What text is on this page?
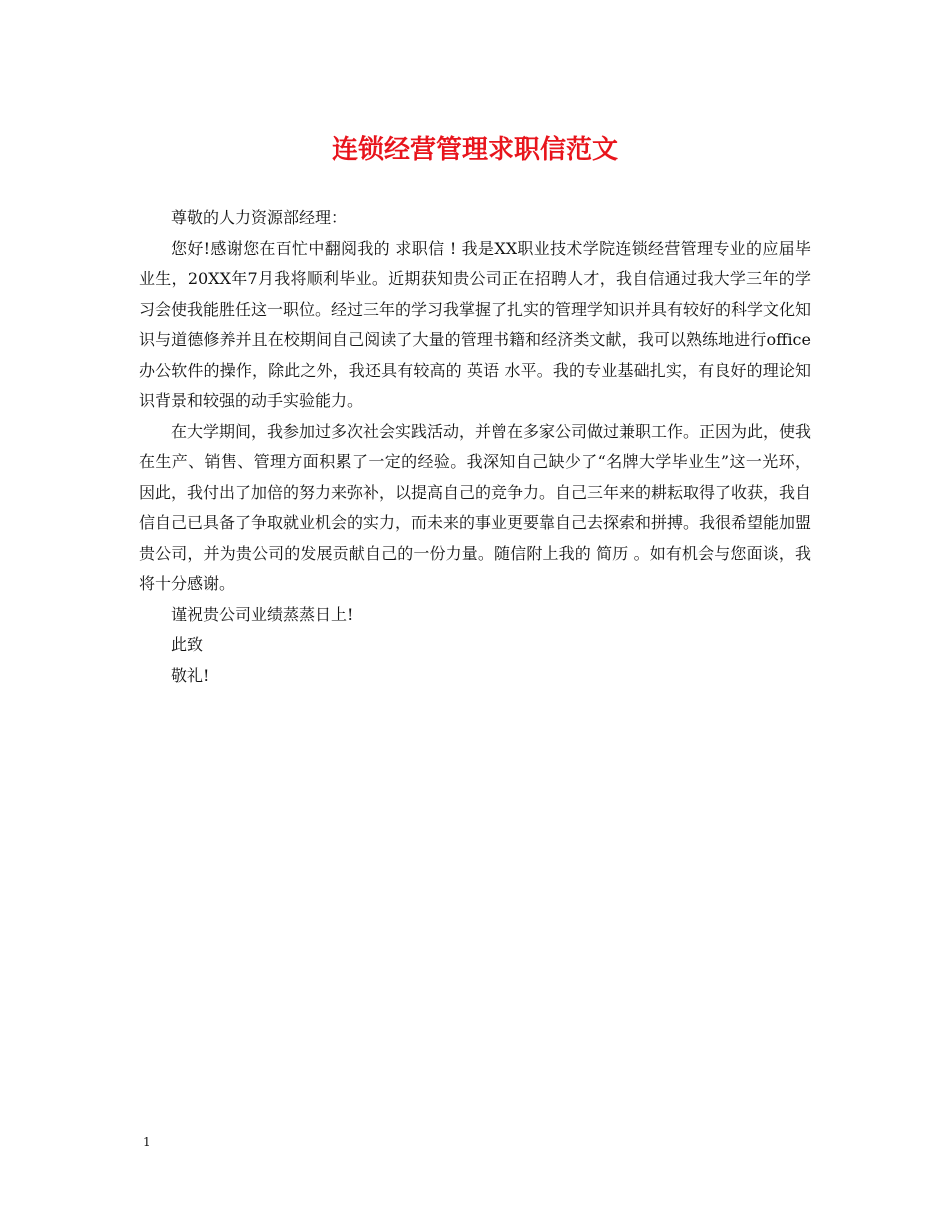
连锁经营管理求职信范文

尊敬的人力资源部经理：

您好!感谢您在百忙中翻阅我的 求职信 ! 我是XX职业技术学院连锁经营管理专业的应届毕业生，20XX年7月我将顺利毕业。近期获知贵公司正在招聘人才，我自信通过我大学三年的学习会使我能胜任这一职位。经过三年的学习我掌握了扎实的管理学知识并具有较好的科学文化知识与道德修养并且在校期间自己阅读了大量的管理书籍和经济类文献，我可以熟练地进行office办公软件的操作，除此之外，我还具有较高的 英语 水平。我的专业基础扎实，有良好的理论知识背景和较强的动手实验能力。

在大学期间，我参加过多次社会实践活动，并曾在多家公司做过兼职工作。正因为此，使我在生产、销售、管理方面积累了一定的经验。我深知自己缺少了“名牌大学毕业生”这一光环，因此，我付出了加倍的努力来弥补，以提高自己的竞争力。自己三年来的耕耘取得了收获，我自信自己已具备了争取就业机会的实力，而未来的事业更要靠自己去探索和拼搏。我很希望能加盟贵公司，并为贵公司的发展贡献自己的一份力量。随信附上我的 简历 。如有机会与您面谈，我将十分感谢。

谨祝贵公司业绩蒸蒸日上!

此致

敬礼!

1
